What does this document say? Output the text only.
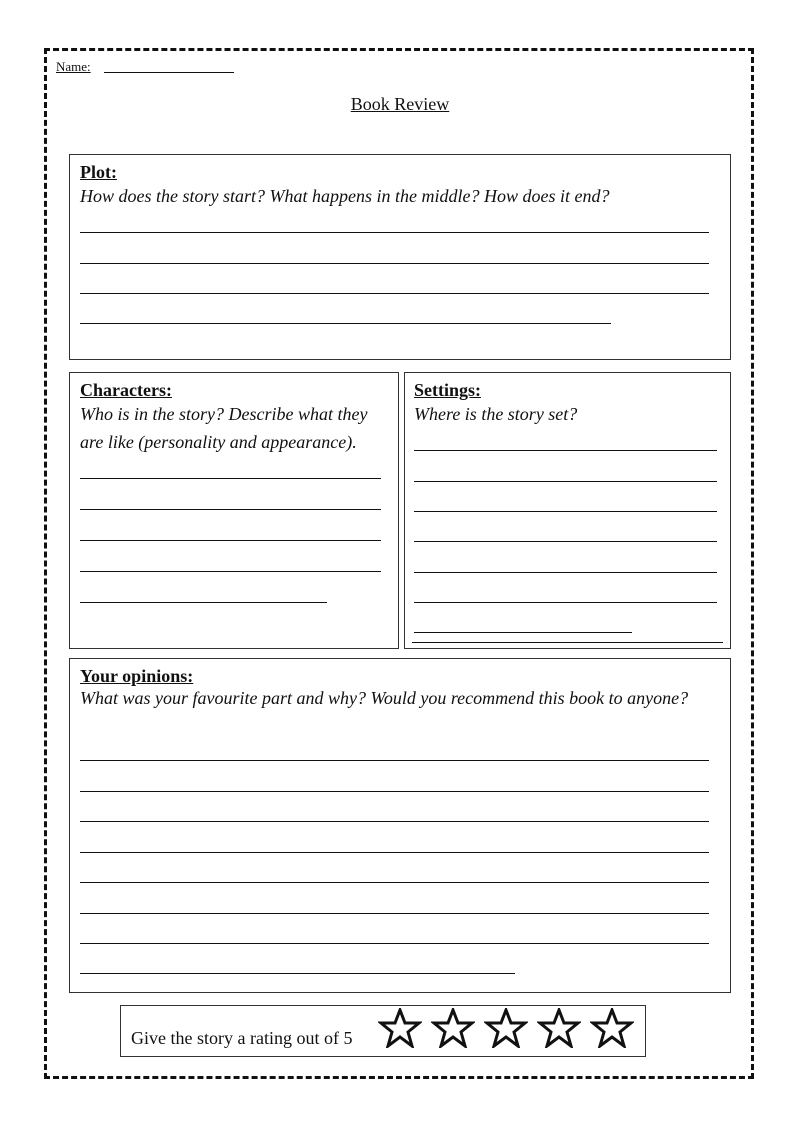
Name:
Book Review
Plot:
How does the story start? What happens in the middle? How does it end?
Characters:
Who is in the story? Describe what they are like (personality and appearance).
Settings:
Where is the story set?
Your opinions:
What was your favourite part and why? Would you recommend this book to anyone?
Give the story a rating out of 5
